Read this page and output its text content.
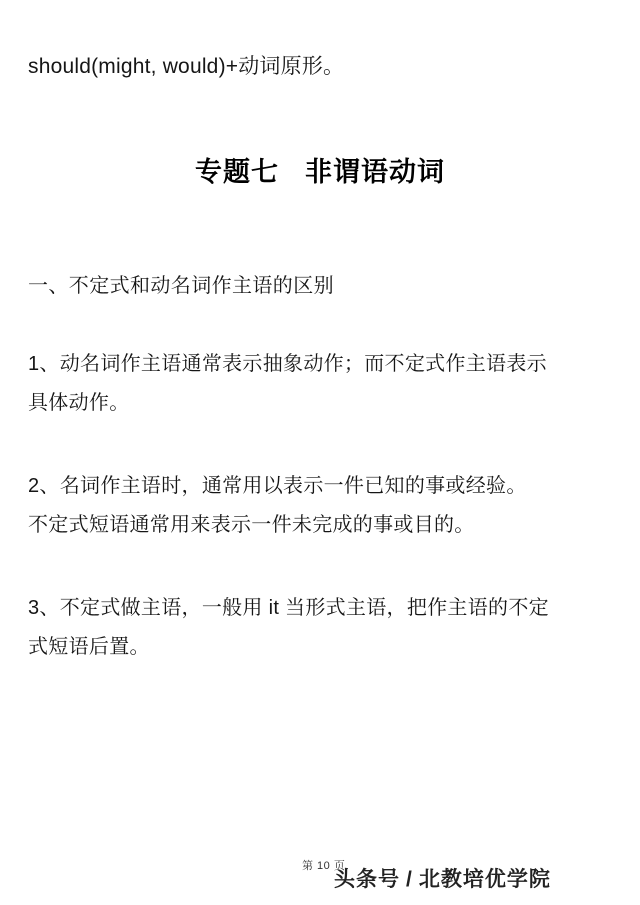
should(might, would)+动词原形。
专题七 非谓语动词
一、不定式和动名词作主语的区别

1、动名词作主语通常表示抽象动作；而不定式作主语表示

具体动作。

2、名词作主语时，通常用以表示一件已知的事或经验。

不定式短语通常用来表示一件未完成的事或目的。

3、不定式做主语，一般用 it 当形式主语，把作主语的不定

式短语后置。

第 10 页
头条号 / 北教培优学院
